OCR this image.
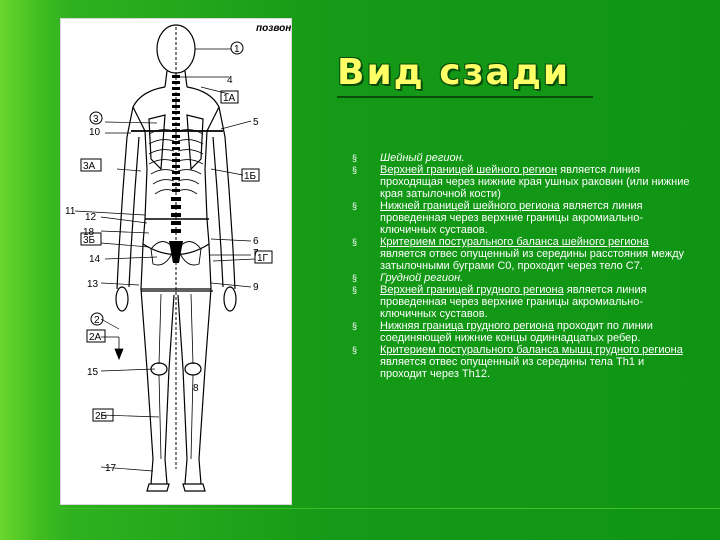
позвон
1
4
1А
3
10
5
3А
1Б
11
12
18
3Б
14
6
7
1Г
13	9
2
2А
15
8
2Б
17
Вид сзади
§	Шейный регион.
§	Верхней границей шейного регион является линия проходящая через нижние края ушных раковин (или нижние края затылочной кости)
§	Нижней границей шейного региона является линия проведенная через верхние границы акромиально-ключичных суставов.
§	Критерием постурального баланса шейного региона является отвес опущенный из середины расстояния между затылочными буграми С0, проходит через тело С7.
§	Грудной регион.
§	Верхней границей грудного региона является линия проведенная через верхние границы акромиально-ключичных суставов.
§	Нижняя граница грудного региона проходит по линии соединяющей нижние концы одиннадцатых ребер.
§	Критерием постурального баланса мышц грудного региона является отвес опущенный из середины тела Th1 и проходит через Th12.
